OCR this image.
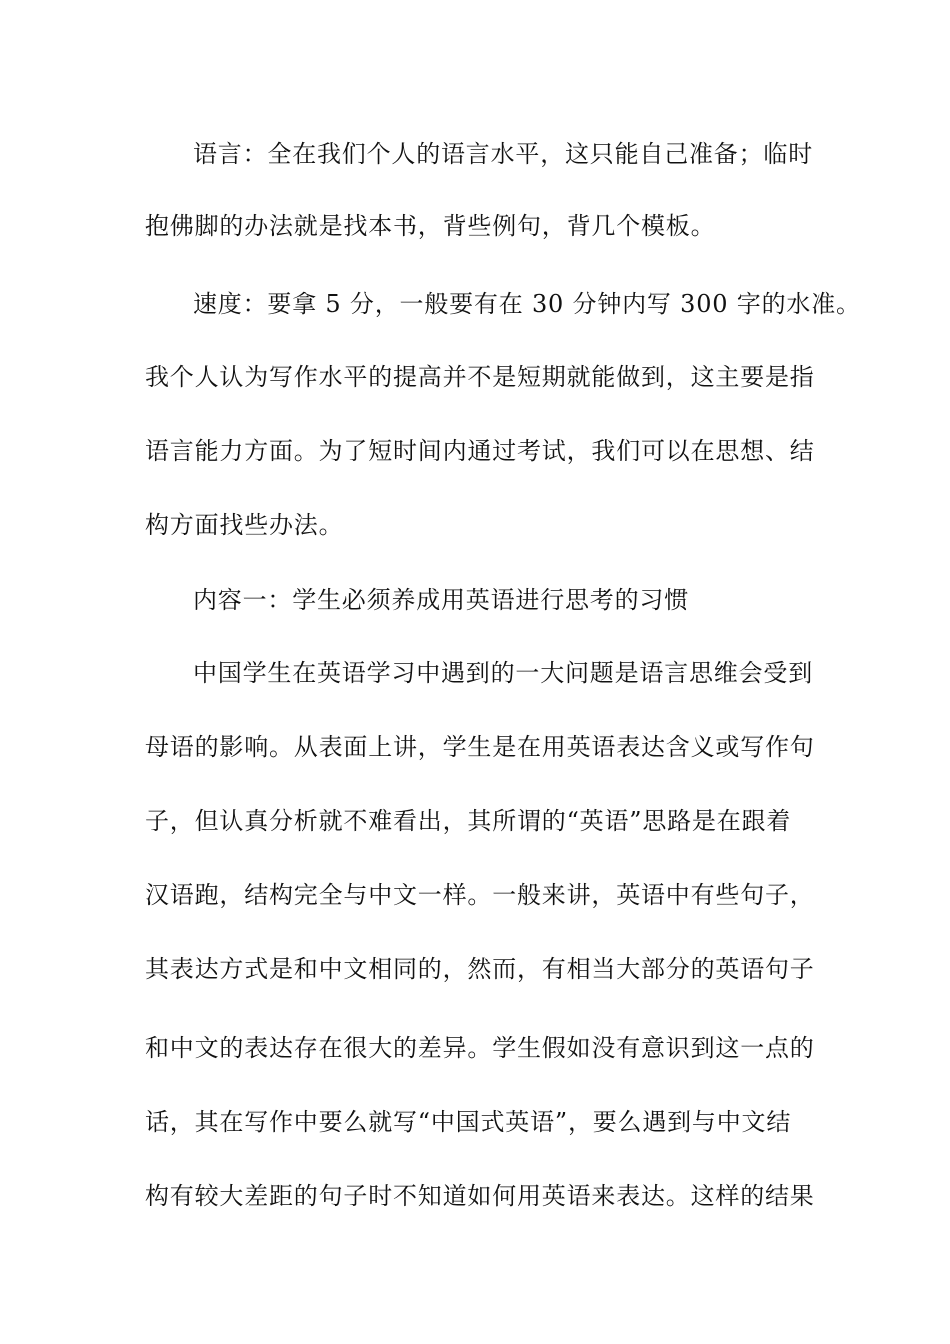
语言：全在我们个人的语言水平，这只能自己准备；临时
抱佛脚的办法就是找本书，背些例句，背几个模板。
速度：要拿 5 分，一般要有在 30 分钟内写 300 字的水准。
我个人认为写作水平的提高并不是短期就能做到，这主要是指
语言能力方面。为了短时间内通过考试，我们可以在思想、结
构方面找些办法。
内容一：学生必须养成用英语进行思考的习惯
中国学生在英语学习中遇到的一大问题是语言思维会受到
母语的影响。从表面上讲，学生是在用英语表达含义或写作句
子，但认真分析就不难看出，其所谓的“英语”思路是在跟着
汉语跑，结构完全与中文一样。一般来讲，英语中有些句子，
其表达方式是和中文相同的，然而，有相当大部分的英语句子
和中文的表达存在很大的差异。学生假如没有意识到这一点的
话，其在写作中要么就写“中国式英语”，要么遇到与中文结
构有较大差距的句子时不知道如何用英语来表达。这样的结果
